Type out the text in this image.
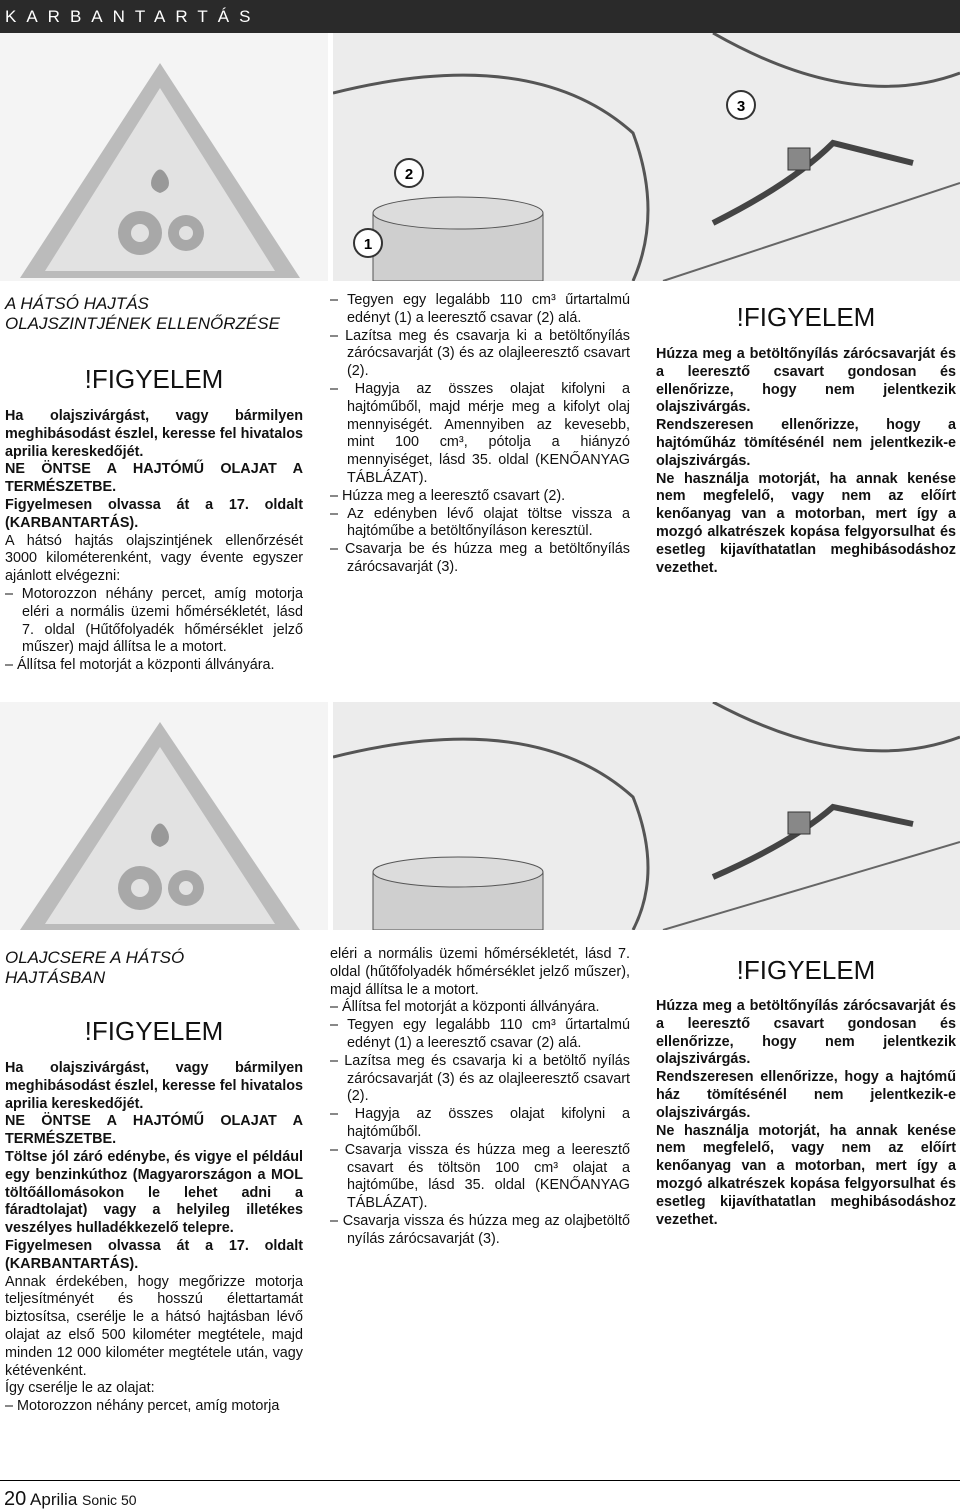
KARBANTARTÁS
1
2
3
A HÁTSÓ HAJTÁS
OLAJSZINTJÉNEK ELLENŐRZÉSE
!FIGYELEM

Ha olajszivárgást, vagy bármilyen meghibásodást észlel, keresse fel hivatalos aprilia kereskedőjét.

NE ÖNTSE A HAJTÓMŰ OLAJAT A TERMÉSZETBE.

Figyelmesen olvassa át a 17. oldalt (KARBANTARTÁS).

A hátsó hajtás olajszintjének ellenőrzését 3000 kilométerenként, vagy évente egyszer ajánlott elvégezni:

– Motorozzon néhány percet, amíg motorja eléri a normális üzemi hőmérsékletét, lásd 7. oldal (Hűtőfolyadék hőmérséklet jelző műszer) majd állítsa le a motort.

– Állítsa fel motorját a központi állványára.

– Tegyen egy legalább 110 cm³ űrtartalmú edényt (1) a leeresztő csavar (2) alá.

– Lazítsa meg és csavarja ki a betöltőnyílás zárócsavarját (3) és az olajleeresztő csavart (2).

– Hagyja az összes olajat kifolyni a hajtóműből, majd mérje meg a kifolyt olaj mennyiségét. Amennyiben az kevesebb, mint 100 cm³, pótolja a hiányzó mennyiséget, lásd 35. oldal (KENŐANYAG TÁBLÁZAT).

– Húzza meg a leeresztő csavart (2).

– Az edényben lévő olajat töltse vissza a hajtóműbe a betöltőnyíláson keresztül.

– Csavarja be és húzza meg a betöltőnyílás zárócsavarját (3).

!FIGYELEM

Húzza meg a betöltőnyílás zárócsavarját és a leeresztő csavart gondosan és ellenőrizze, hogy nem jelentkezik olajszivárgás.

Rendszeresen ellenőrizze, hogy a hajtóműház tömítésénél nem jelentkezik-e olajszivárgás.

Ne használja motorját, ha annak kenése nem megfelelő, vagy nem az előírt kenőanyag van a motorban, mert így a mozgó alkatrészek kopása felgyorsulhat és esetleg kijavíthatatlan meghibásodáshoz vezethet.

OLAJCSERE A HÁTSÓ
HAJTÁSBAN
!FIGYELEM

Ha olajszivárgást, vagy bármilyen meghibásodást észlel, keresse fel hivatalos aprilia kereskedőjét.

NE ÖNTSE A HAJTÓMŰ OLAJAT A TERMÉSZETBE.

Töltse jól záró edénybe, és vigye el például egy benzinkúthoz (Magyarországon a MOL töltőállomásokon le lehet adni a fáradtolajat) vagy a helyileg illetékes veszélyes hulladékkezelő telepre.

Figyelmesen olvassa át a 17. oldalt (KARBANTARTÁS).

Annak érdekében, hogy megőrizze motorja teljesítményét és hosszú élettartamát biztosítsa, cserélje le a hátsó hajtásban lévő olajat az első 500 kilométer megtétele, majd minden 12 000 kilométer megtétele után, vagy kétévenként.

Így cserélje le az olajat:

– Motorozzon néhány percet, amíg motorja

eléri a normális üzemi hőmérsékletét, lásd 7. oldal (hűtőfolyadék hőmérséklet jelző műszer), majd állítsa le a motort.

– Állítsa fel motorját a központi állványára.

– Tegyen egy legalább 110 cm³ űrtartalmú edényt (1) a leeresztő csavar (2) alá.

– Lazítsa meg és csavarja ki a betöltő nyílás zárócsavarját (3) és az olajleeresztő csavart (2).

– Hagyja az összes olajat kifolyni a hajtóműből.

– Csavarja vissza és húzza meg a leeresztő csavart és töltsön 100 cm³ olajat a hajtóműbe, lásd 35. oldal (KENŐANYAG TÁBLÁZAT).

– Csavarja vissza és húzza meg az olajbetöltő nyílás zárócsavarját (3).

!FIGYELEM

Húzza meg a betöltőnyílás zárócsavarját és a leeresztő csavart gondosan és ellenőrizze, hogy nem jelentkezik olajszivárgás.

Rendszeresen ellenőrizze, hogy a hajtómű ház tömítésénél nem jelentkezik-e olajszivárgás.

Ne használja motorját, ha annak kenése nem megfelelő, vagy nem az előírt kenőanyag van a motorban, mert így a mozgó alkatrészek kopása felgyorsulhat és esetleg kijavíthatatlan meghibásodáshoz vezethet.

20 Aprilia Sonic 50
